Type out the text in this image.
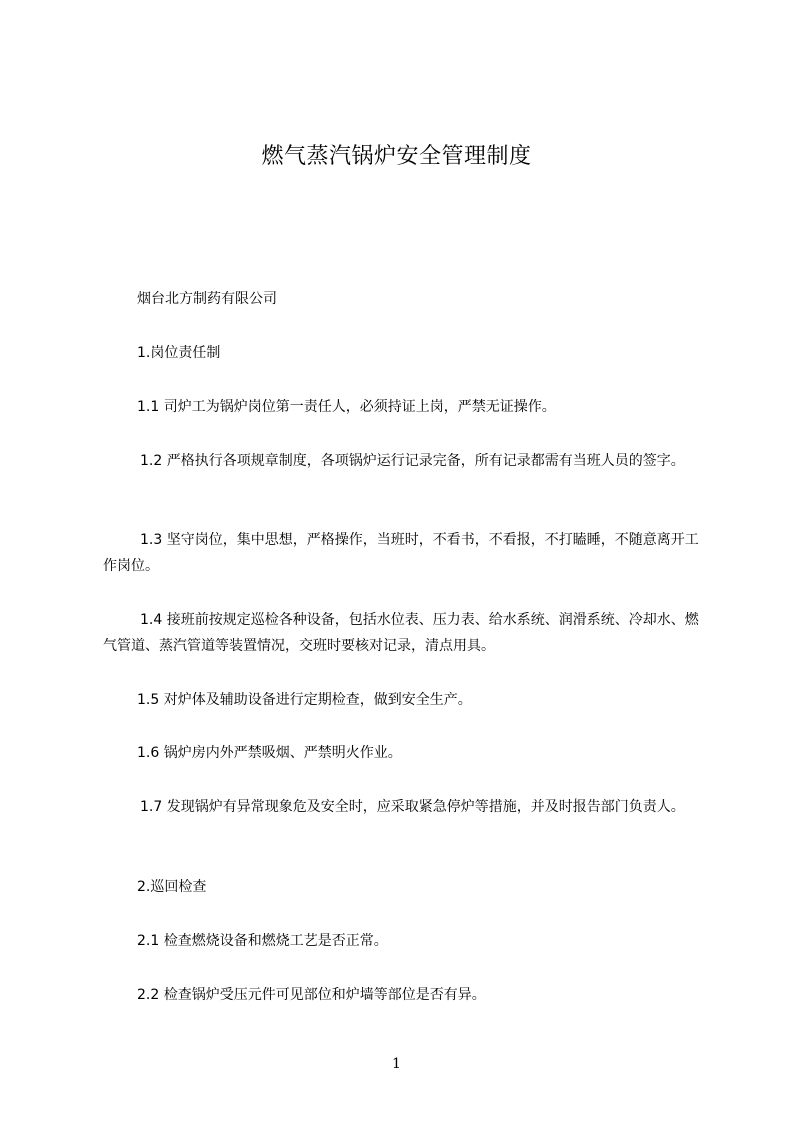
燃气蒸汽锅炉安全管理制度

烟台北方制药有限公司

1.岗位责任制

1.1 司炉工为锅炉岗位第一责任人，必须持证上岗，严禁无证操作。

1.2 严格执行各项规章制度，各项锅炉运行记录完备，所有记录都需有当班人员的签字。

1.3 坚守岗位，集中思想，严格操作，当班时，不看书，不看报，不打瞌睡，不随意离开工作岗位。

1.4 接班前按规定巡检各种设备，包括水位表、压力表、给水系统、润滑系统、冷却水、燃气管道、蒸汽管道等装置情况，交班时要核对记录，清点用具。

1.5 对炉体及辅助设备进行定期检查，做到安全生产。

1.6 锅炉房内外严禁吸烟、严禁明火作业。

1.7 发现锅炉有异常现象危及安全时，应采取紧急停炉等措施，并及时报告部门负责人。

2.巡回检查

2.1 检查燃烧设备和燃烧工艺是否正常。

2.2 检查锅炉受压元件可见部位和炉墙等部位是否有异。

1
